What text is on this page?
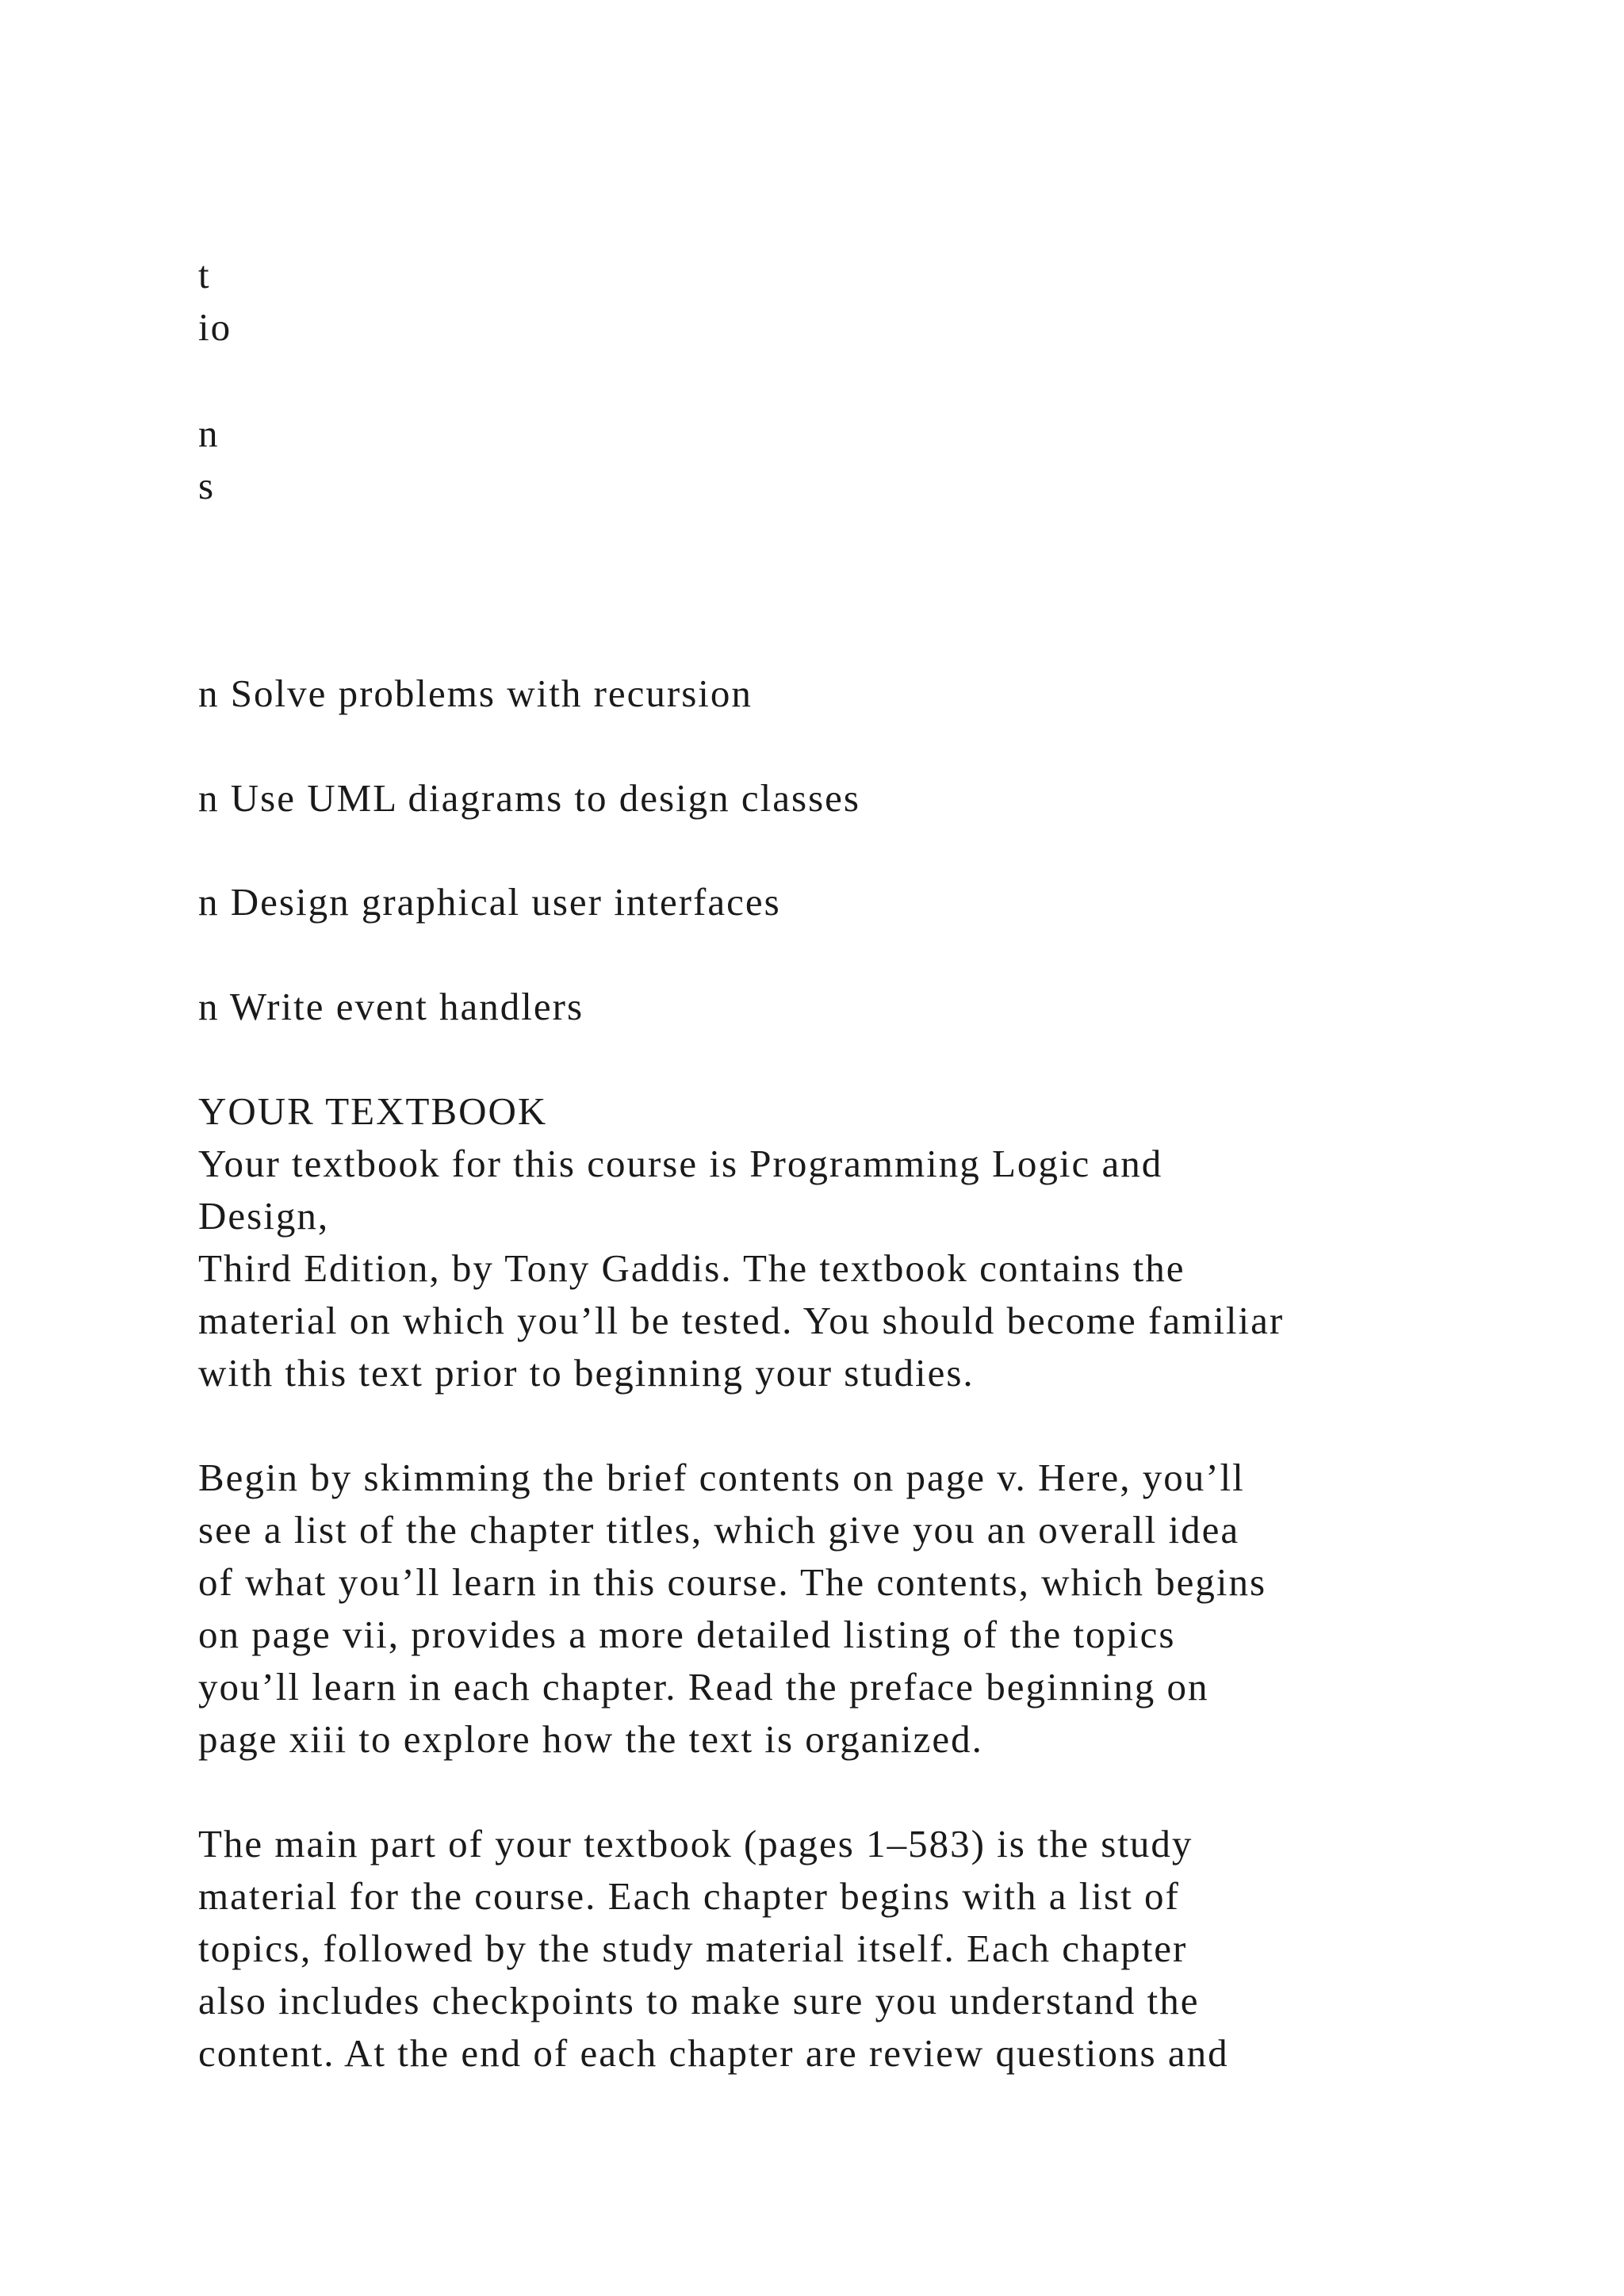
t
io
n
s
n Solve problems with recursion
n Use UML diagrams to design classes
n Design graphical user interfaces
n Write event handlers
YOUR TEXTBOOK
Your textbook for this course is Programming Logic and
Design,
Third Edition, by Tony Gaddis. The textbook contains the
material on which you’ll be tested. You should become familiar
with this text prior to beginning your studies.
Begin by skimming the brief contents on page v. Here, you’ll
see a list of the chapter titles, which give you an overall idea
of what you’ll learn in this course. The contents, which begins
on page vii, provides a more detailed listing of the topics
you’ll learn in each chapter. Read the preface beginning on
page xiii to explore how the text is organized.
The main part of your textbook (pages 1–583) is the study
material for the course. Each chapter begins with a list of
topics, followed by the study material itself. Each chapter
also includes checkpoints to make sure you understand the
content. At the end of each chapter are review questions and
